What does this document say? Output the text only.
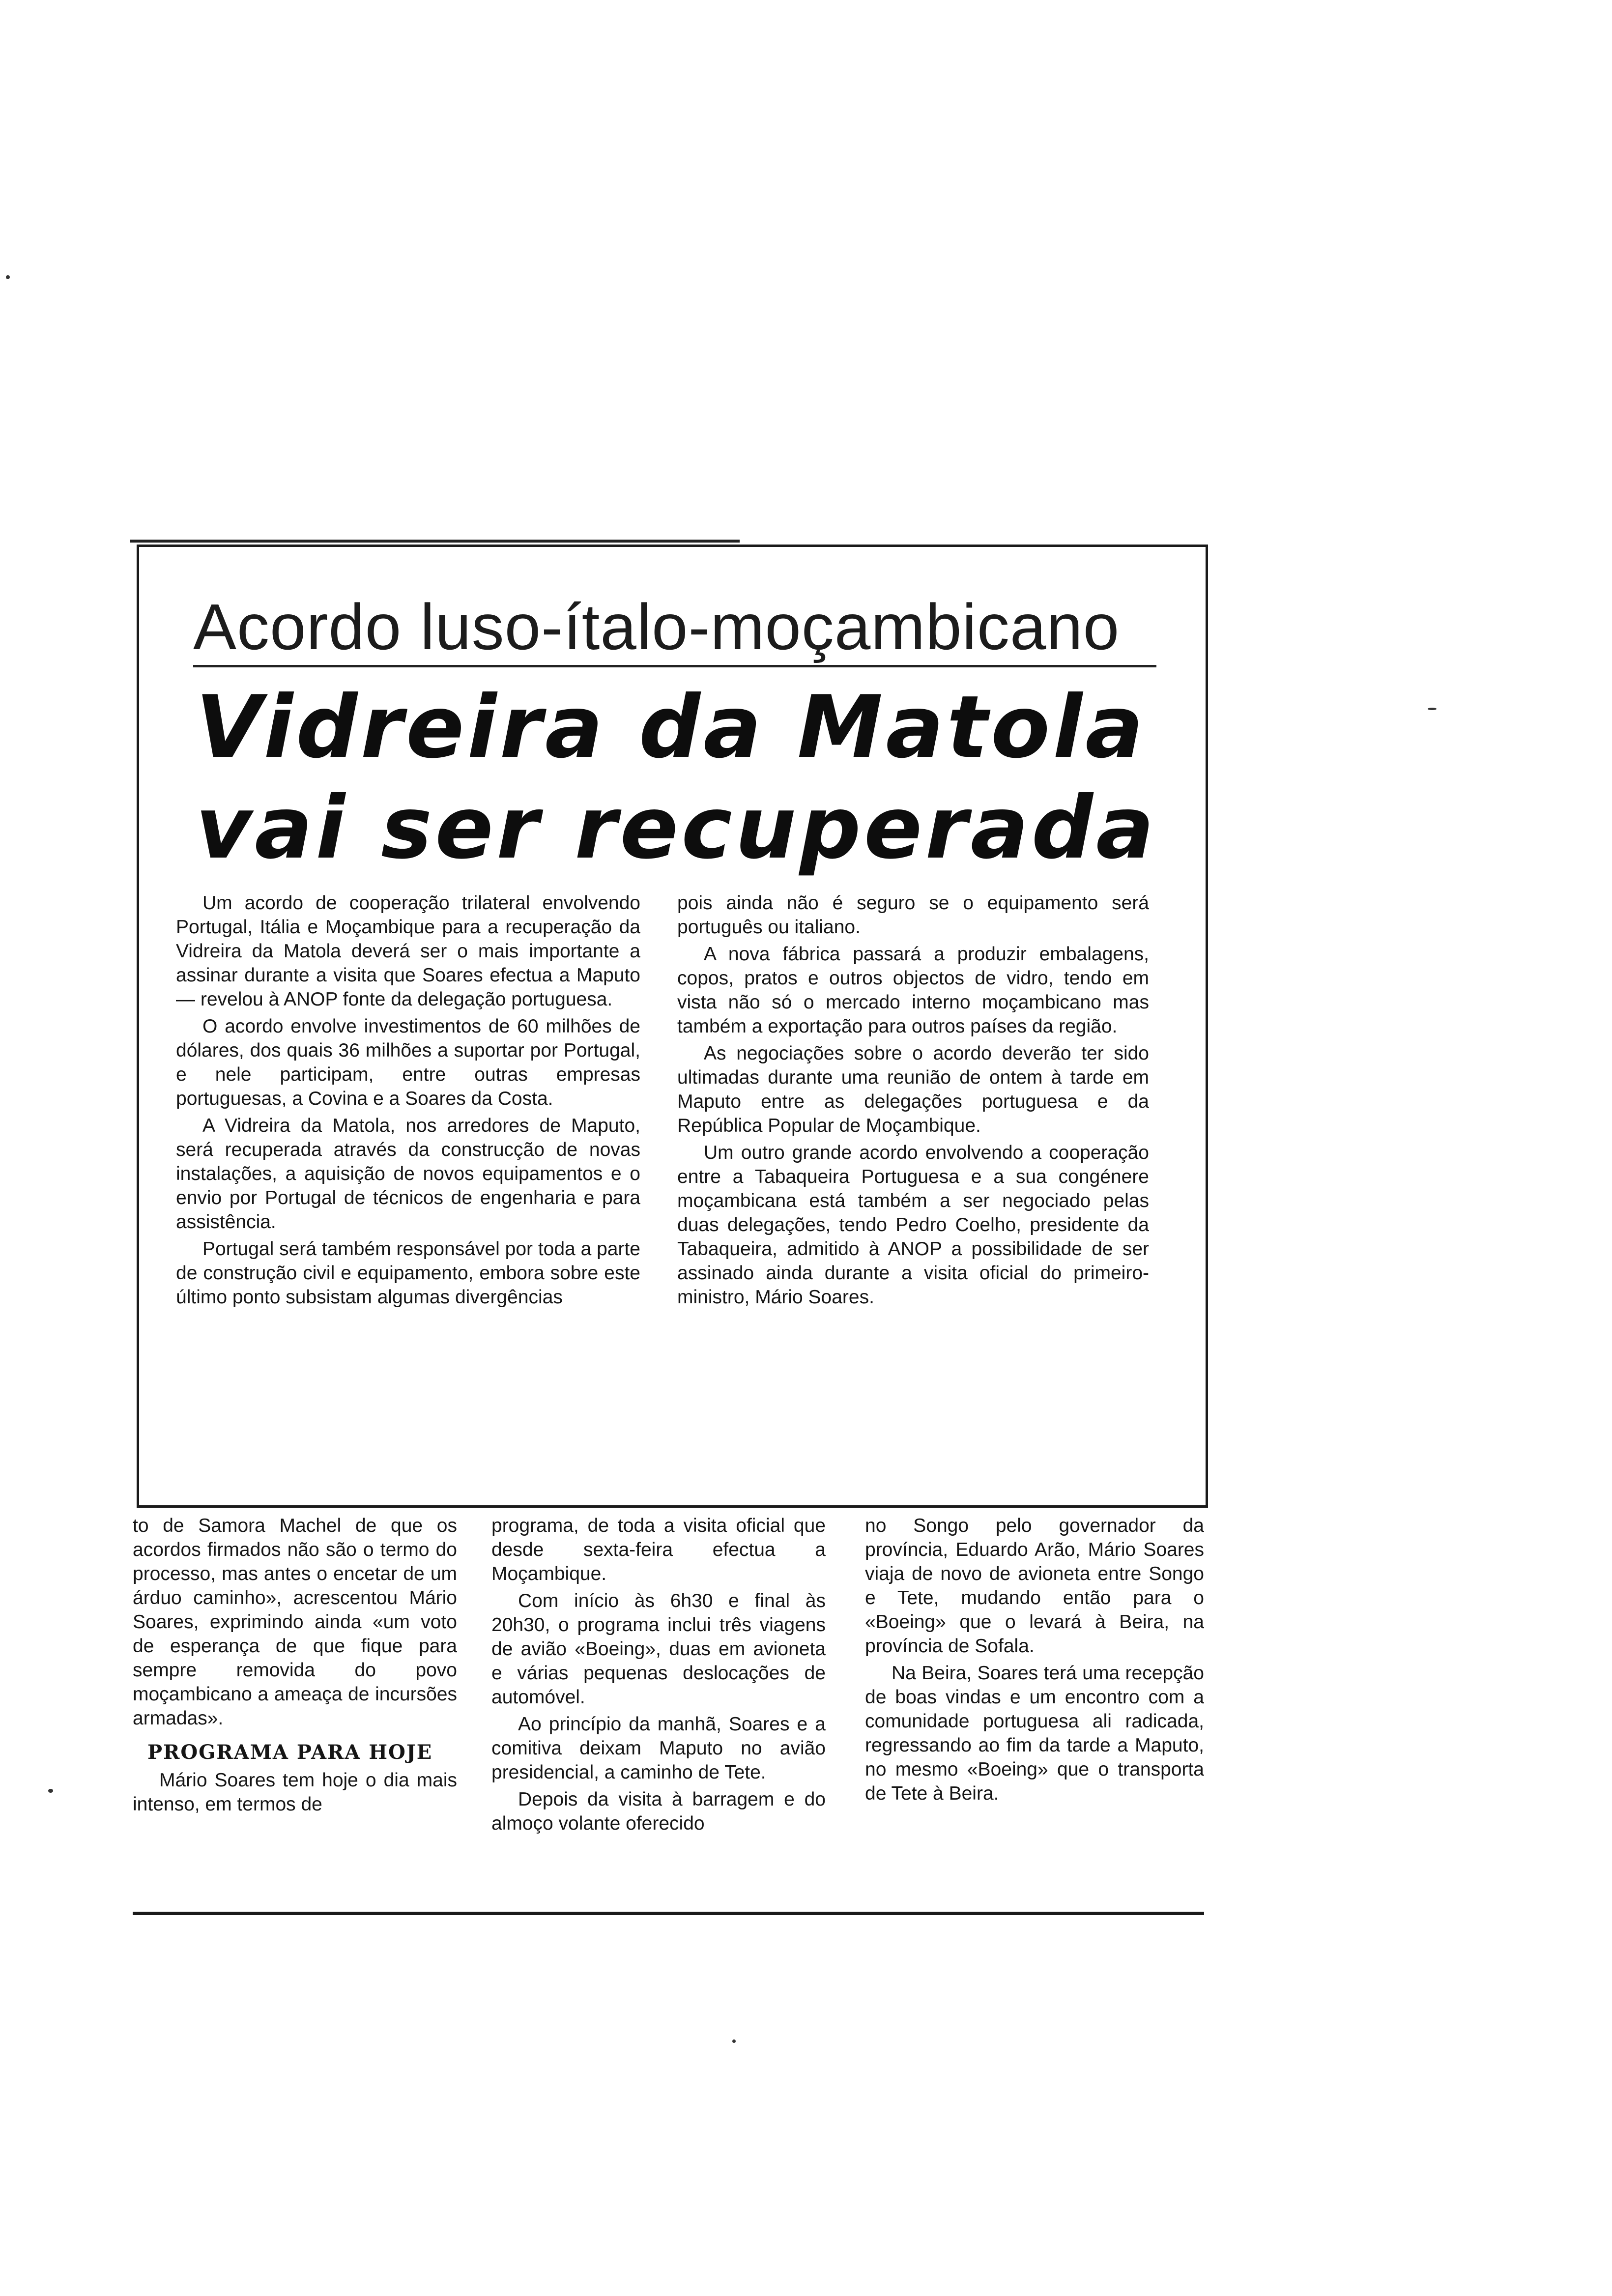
Acordo luso-ítalo-moçambicano
Vidreira da Matola
vai ser recuperada

Um acordo de cooperação trilateral envolvendo Portugal, Itália e Moçambique para a recuperação da Vidreira da Matola deverá ser o mais importante a assinar durante a visita que Soares efectua a Maputo — revelou à ANOP fonte da delegação portuguesa.

O acordo envolve investimentos de 60 milhões de dólares, dos quais 36 milhões a suportar por Portugal, e nele participam, entre outras empresas portuguesas, a Covina e a Soares da Costa.

A Vidreira da Matola, nos arredores de Maputo, será recuperada através da construcção de novas instalações, a aquisição de novos equipamentos e o envio por Portugal de técnicos de engenharia e para assistência.

Portugal será também responsável por toda a parte de construção civil e equipamento, embora sobre este último ponto subsistam algumas divergências

pois ainda não é seguro se o equipamento será português ou italiano.

A nova fábrica passará a produzir embalagens, copos, pratos e outros objectos de vidro, tendo em vista não só o mercado interno moçambicano mas também a exportação para outros países da região.

As negociações sobre o acordo deverão ter sido ultimadas durante uma reunião de ontem à tarde em Maputo entre as delegações portuguesa e da República Popular de Moçambique.

Um outro grande acordo envolvendo a cooperação entre a Tabaqueira Portuguesa e a sua congénere moçambicana está também a ser negociado pelas duas delegações, tendo Pedro Coelho, presidente da Tabaqueira, admitido à ANOP a possibilidade de ser assinado ainda durante a visita oficial do primeiro-ministro, Mário Soares.

to de Samora Machel de que os acordos firmados não são o termo do processo, mas antes o encetar de um árduo caminho», acrescentou Mário Soares, exprimindo ainda «um voto de esperança de que fique para sempre removida do povo moçambicano a ameaça de incursões armadas».

PROGRAMA PARA HOJE

Mário Soares tem hoje o dia mais intenso, em termos de

programa, de toda a visita oficial que desde sexta-feira efectua a Moçambique.

Com início às 6h30 e final às 20h30, o programa inclui três viagens de avião «Boeing», duas em avioneta e várias pequenas deslocações de automóvel.

Ao princípio da manhã, Soares e a comitiva deixam Maputo no avião presidencial, a caminho de Tete.

Depois da visita à barragem e do almoço volante oferecido

no Songo pelo governador da província, Eduardo Arão, Mário Soares viaja de novo de avioneta entre Songo e Tete, mudando então para o «Boeing» que o levará à Beira, na província de Sofala.

Na Beira, Soares terá uma recepção de boas vindas e um encontro com a comunidade portuguesa ali radicada, regressando ao fim da tarde a Maputo, no mesmo «Boeing» que o transporta de Tete à Beira.
